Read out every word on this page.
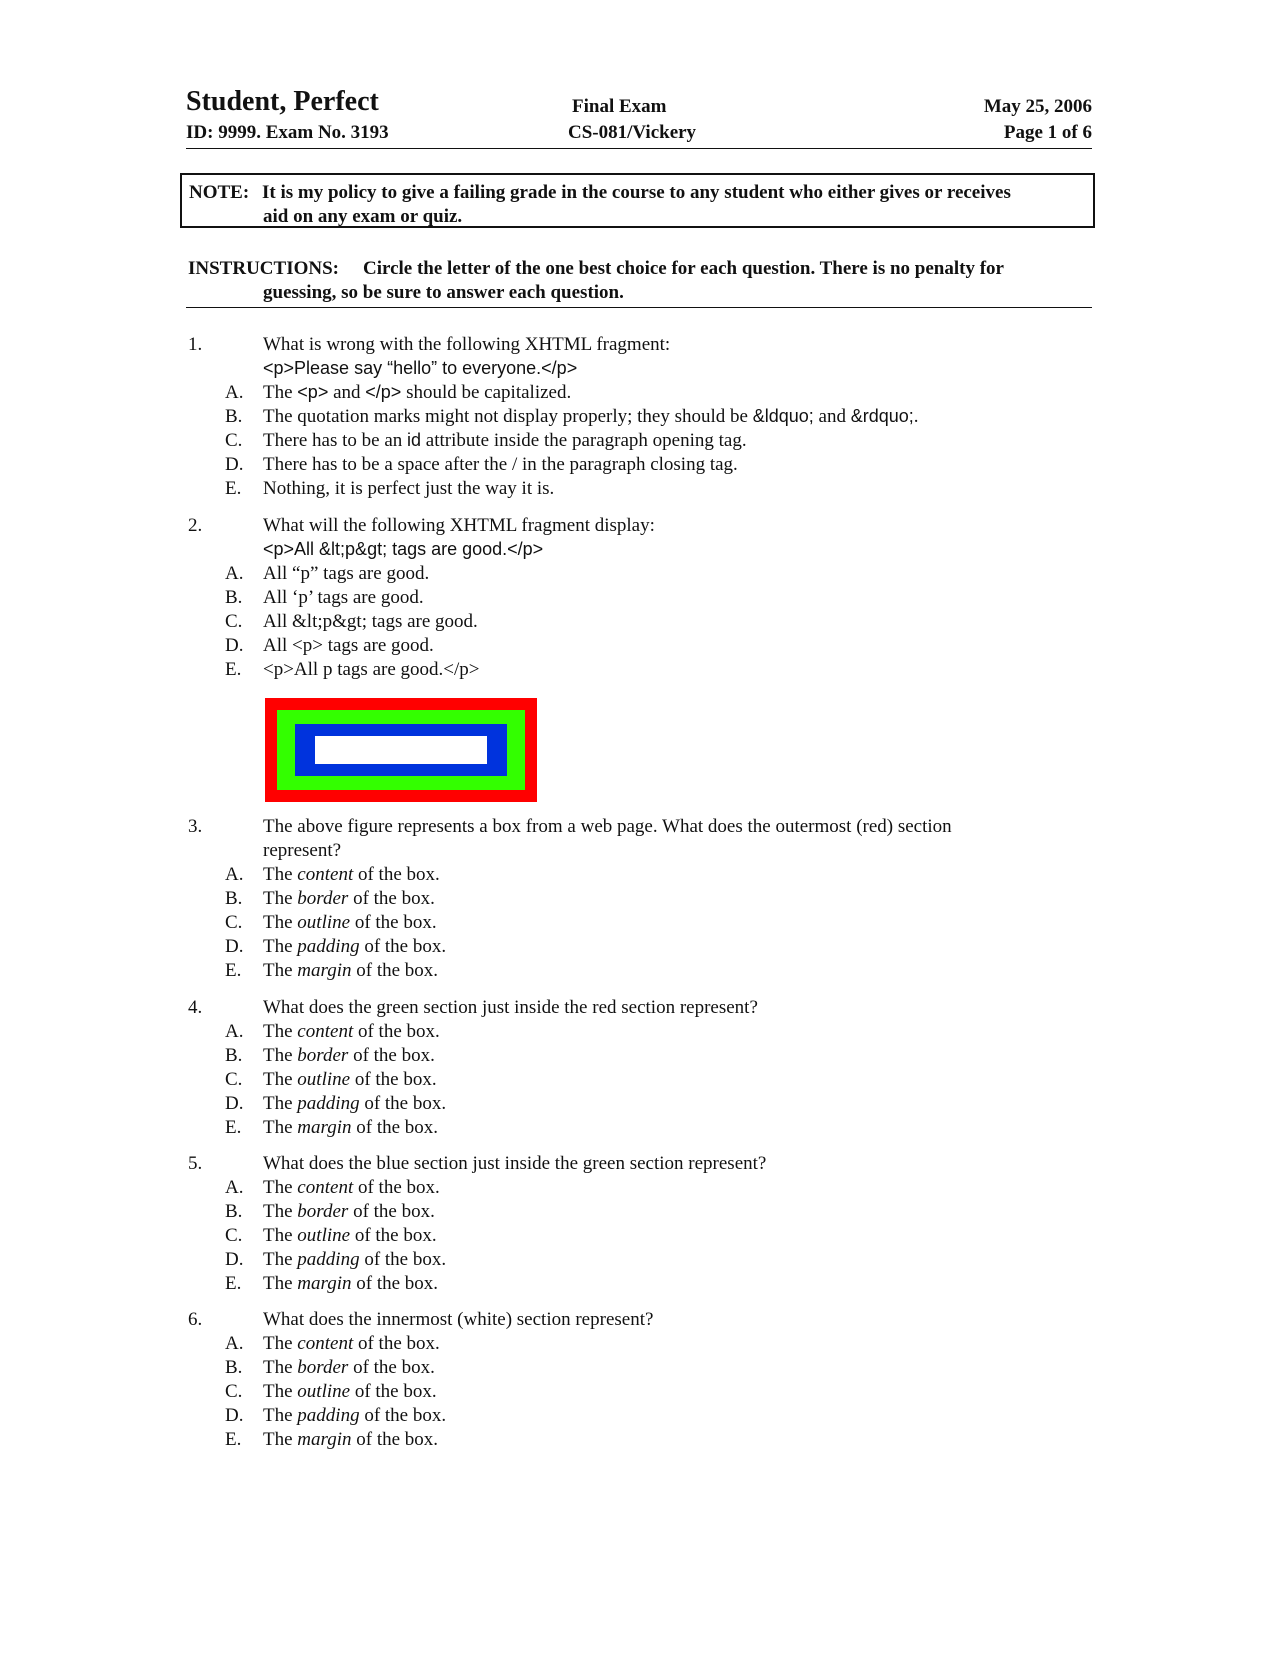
Student, Perfect
ID: 9999. Exam No. 3193
Final Exam
CS-081/Vickery
May 25, 2006
Page 1 of 6
NOTE: It is my policy to give a failing grade in the course to any student who either gives or receives
aid on any exam or quiz.
INSTRUCTIONS: Circle the letter of the one best choice for each question. There is no penalty for
guessing, so be sure to answer each question.
1.	What is wrong with the following XHTML fragment:
<p>Please say “hello” to everyone.</p>
A. The <p> and </p> should be capitalized.
B. The quotation marks might not display properly; they should be &ldquo; and &rdquo;.
C. There has to be an id attribute inside the paragraph opening tag.
D. There has to be a space after the / in the paragraph closing tag.
E. Nothing, it is perfect just the way it is.
2.	What will the following XHTML fragment display:
<p>All &lt;p&gt; tags are good.</p>
A. All “p” tags are good.
B. All ‘p’ tags are good.
C. All &lt;p&gt; tags are good.
D. All <p> tags are good.
E. <p>All p tags are good.</p>
3.	The above figure represents a box from a web page. What does the outermost (red) section
represent?
A. The content of the box.
B. The border of the box.
C. The outline of the box.
D. The padding of the box.
E. The margin of the box.
4.	What does the green section just inside the red section represent?
A. The content of the box.
B. The border of the box.
C. The outline of the box.
D. The padding of the box.
E. The margin of the box.
5.	What does the blue section just inside the green section represent?
A. The content of the box.
B. The border of the box.
C. The outline of the box.
D. The padding of the box.
E. The margin of the box.
6.	What does the innermost (white) section represent?
A. The content of the box.
B. The border of the box.
C. The outline of the box.
D. The padding of the box.
E. The margin of the box.
